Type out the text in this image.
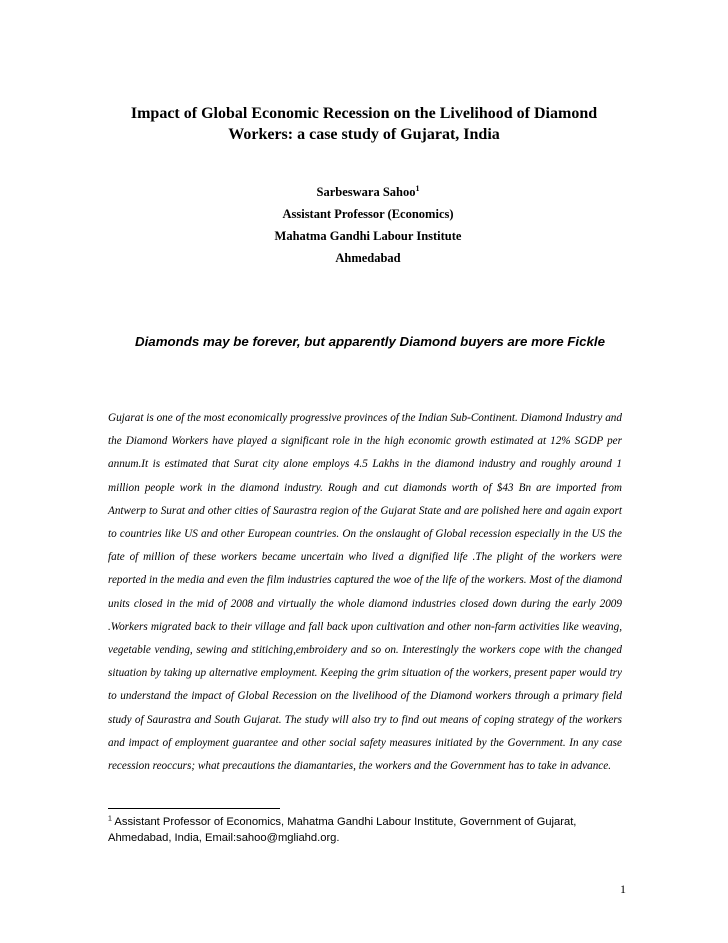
Impact of Global Economic Recession on the Livelihood of Diamond
Workers: a case study of Gujarat, India
Sarbeswara Sahoo$^1$
Assistant Professor (Economics)
Mahatma Gandhi Labour Institute
Ahmedabad
Diamonds may be forever, but apparently Diamond buyers are more Fickle
Gujarat is one of the most economically progressive provinces of the Indian Sub-Continent. Diamond Industry and the Diamond Workers have played a significant role in the high economic growth estimated at 12% SGDP per annum.It is estimated that Surat city alone employs 4.5 Lakhs in the diamond industry and roughly around 1 million people work in the diamond industry. Rough and cut diamonds worth of $43 Bn are imported from Antwerp to Surat and other cities of Saurastra region of the Gujarat State and are polished here and again export to countries like US and other European countries. On the onslaught of Global recession especially in the US the fate of million of these workers became uncertain who lived a dignified life .The plight of the workers were reported in the media and even the film industries captured the woe of the life of the workers. Most of the diamond units closed in the mid of 2008 and virtually the whole diamond industries closed down during the early 2009 .Workers migrated back to their village and fall back upon cultivation and other non-farm activities like weaving, vegetable vending, sewing and stitiching,embroidery and so on. Interestingly the workers cope with the changed situation by taking up alternative employment. Keeping the grim situation of the workers, present paper would try to understand the impact of Global Recession on the livelihood of the Diamond workers through a primary field study of Saurastra and South Gujarat. The study will also try to find out means of coping strategy of the workers and impact of employment guarantee and other social safety measures initiated by the Government. In any case recession reoccurs; what precautions the diamantaries, the workers and the Government has to take in advance.
$^1$ Assistant Professor of Economics, Mahatma Gandhi Labour Institute, Government of Gujarat, Ahmedabad, India, Email:sahoo@mgliahd.org.
1
